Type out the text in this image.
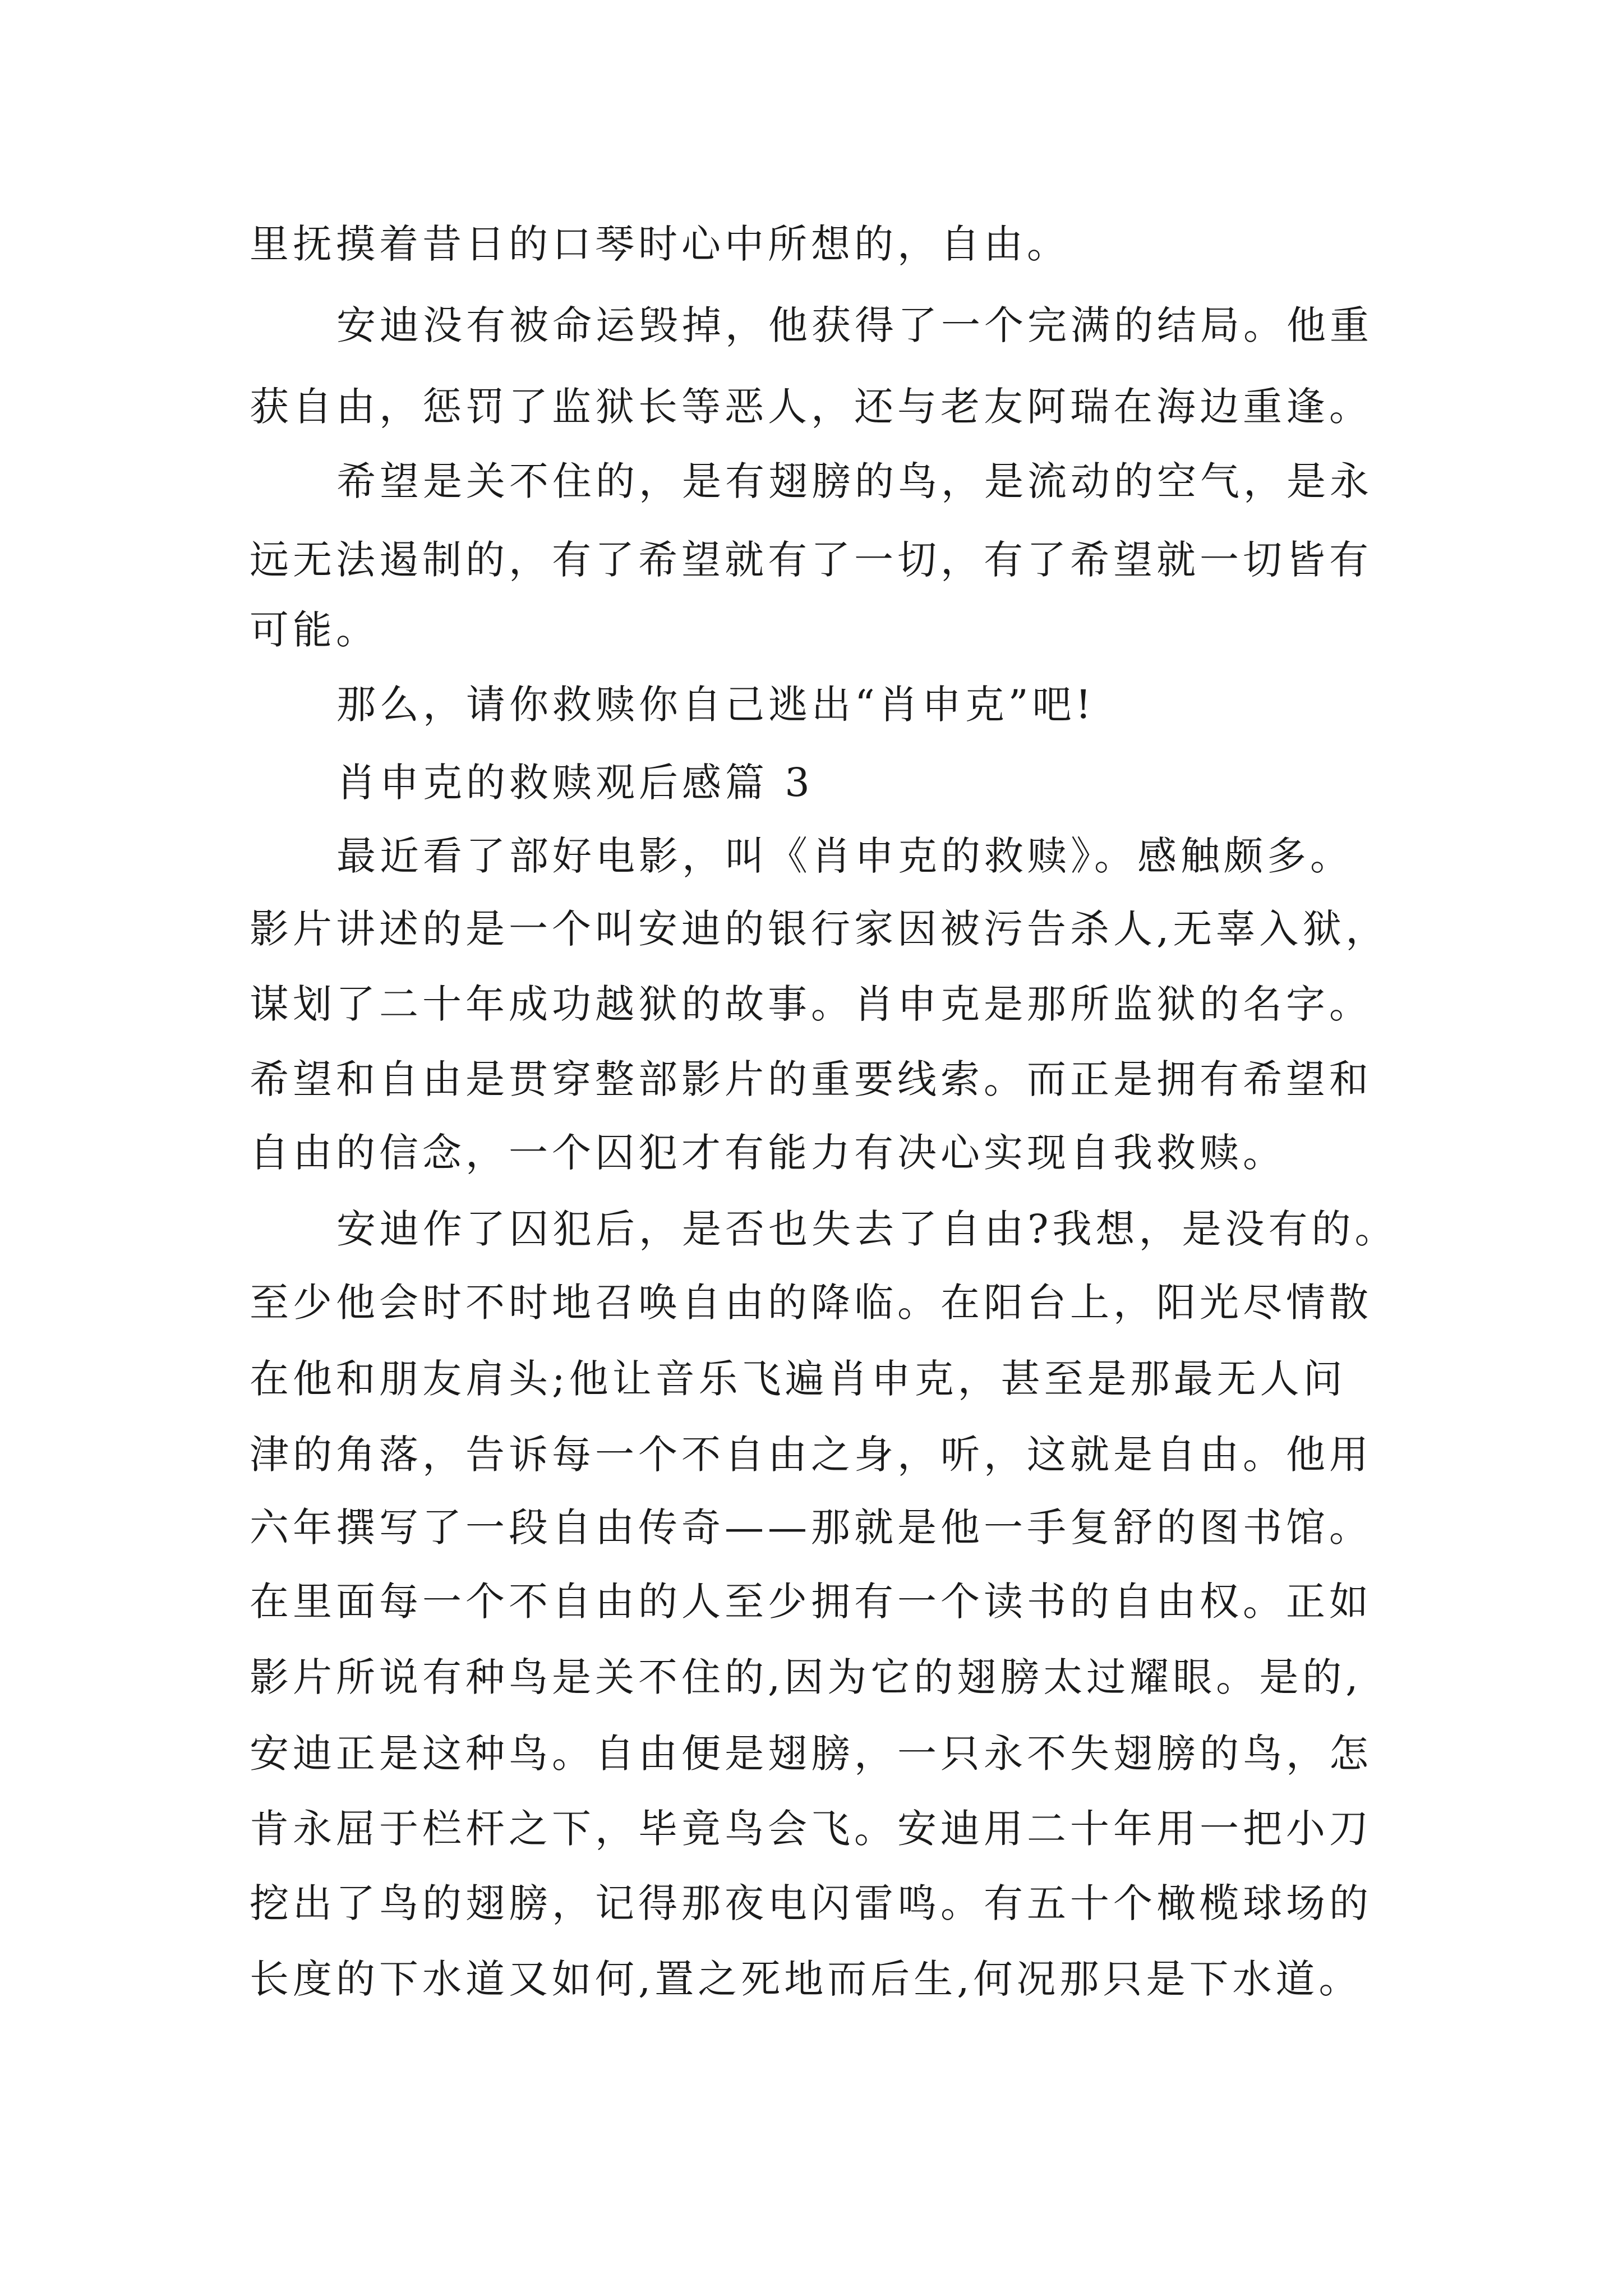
里抚摸着昔日的口琴时心中所想的，自由。

安迪没有被命运毁掉，他获得了一个完满的结局。他重

获自由，惩罚了监狱长等恶人，还与老友阿瑞在海边重逢。

希望是关不住的，是有翅膀的鸟，是流动的空气，是永

远无法遏制的，有了希望就有了一切，有了希望就一切皆有

可能。

那么，请你救赎你自己逃出“肖申克”吧!

肖申克的救赎观后感篇 3

最近看了部好电影，叫《肖申克的救赎》。感触颇多。

影片讲述的是一个叫安迪的银行家因被污告杀人,无辜入狱，

谋划了二十年成功越狱的故事。肖申克是那所监狱的名字。

希望和自由是贯穿整部影片的重要线索。而正是拥有希望和

自由的信念，一个囚犯才有能力有决心实现自我救赎。

安迪作了囚犯后，是否也失去了自由?我想，是没有的。

至少他会时不时地召唤自由的降临。在阳台上，阳光尽情散

在他和朋友肩头;他让音乐飞遍肖申克，甚至是那最无人问

津的角落，告诉每一个不自由之身，听，这就是自由。他用

六年撰写了一段自由传奇——那就是他一手复舒的图书馆。

在里面每一个不自由的人至少拥有一个读书的自由权。正如

影片所说有种鸟是关不住的,因为它的翅膀太过耀眼。是的,

安迪正是这种鸟。自由便是翅膀，一只永不失翅膀的鸟，怎

肯永屈于栏杆之下，毕竟鸟会飞。安迪用二十年用一把小刀

挖出了鸟的翅膀，记得那夜电闪雷鸣。有五十个橄榄球场的

长度的下水道又如何,置之死地而后生,何况那只是下水道。
